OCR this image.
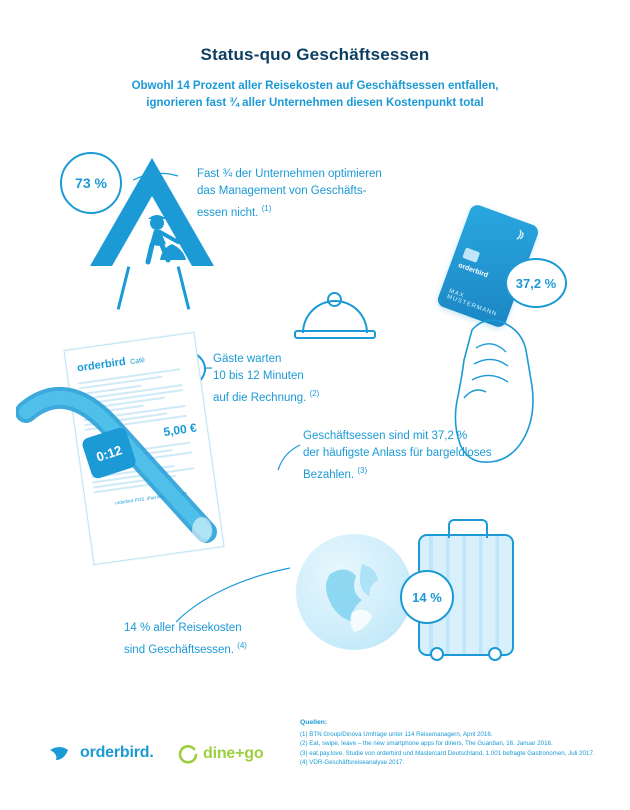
Status-quo Geschäftsessen
Obwohl 14 Prozent aller Reisekosten auf Geschäftsessen entfallen,
ignorieren fast ¾ aller Unternehmen diesen Kostenpunkt total
73 %
Fast ¾ der Unternehmen optimieren
das Management von Geschäfts-
essen nicht. $^{(1)}$
orderbird
MAX MUSTERMANN
37,2 %
Geschäftsessen sind mit 37,2 %
der häufigste Anlass für bargeldloses
Bezahlen. $^{(3)}$
Gäste warten
10 bis 12 Minuten
auf die Rechnung. $^{(2)}$
orderbird Café
5,00 €
orderbird POS. iPad Kassensystem
0:12
14 %
14 % aller Reisekosten
sind Geschäftsessen. $^{(4)}$
Quellen:
(1) BTN Group/Dinova Umfrage unter 114 Reisemanagern, April 2016.
(2) Eat, swipe, leave – the new smartphone apps for diners, The Guardian, 16. Januar 2016.
(3) eat.pay.love. Studie von orderbird und Mastercard Deutschland, 1.001 befragte Gastronomen, Juli 2017.
(4) VDR-Geschäftsreiseanalyse 2017.
orderbird.	dine+go
